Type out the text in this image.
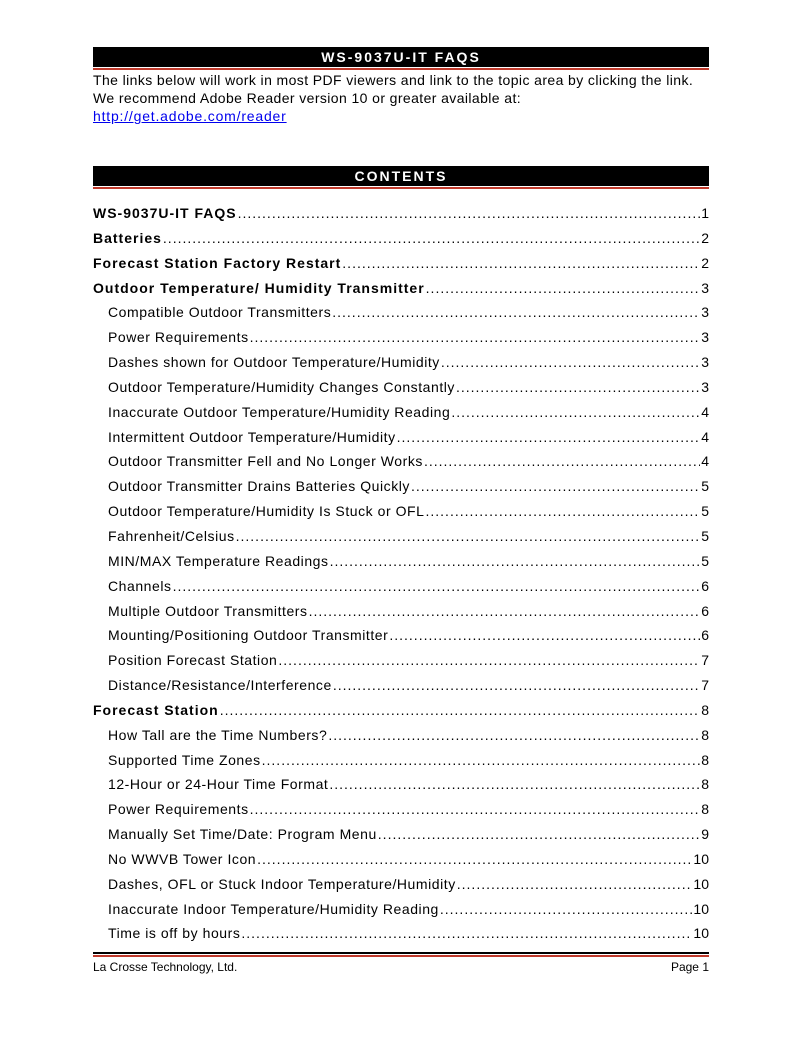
WS-9037U-IT FAQS
The links below will work in most PDF viewers and link to the topic area by clicking the link. We recommend Adobe Reader version 10 or greater available at:
http://get.adobe.com/reader
CONTENTS
WS-9037U-IT FAQS .....	1
Batteries .....	2
Forecast Station Factory Restart .....	2
Outdoor Temperature/ Humidity Transmitter .....	3
Compatible Outdoor Transmitters .....	3
Power Requirements .....	3
Dashes shown for Outdoor Temperature/Humidity .....	3
Outdoor Temperature/Humidity Changes Constantly .....	3
Inaccurate Outdoor Temperature/Humidity Reading .....	4
Intermittent Outdoor Temperature/Humidity .....	4
Outdoor Transmitter Fell and No Longer Works .....	4
Outdoor Transmitter Drains Batteries Quickly .....	5
Outdoor Temperature/Humidity Is Stuck or OFL .....	5
Fahrenheit/Celsius .....	5
MIN/MAX Temperature Readings .....	5
Channels .....	6
Multiple Outdoor Transmitters .....	6
Mounting/Positioning Outdoor Transmitter .....	6
Position Forecast Station .....	7
Distance/Resistance/Interference .....	7
Forecast Station .....	8
How Tall are the Time Numbers? .....	8
Supported Time Zones .....	8
12-Hour or 24-Hour Time Format .....	8
Power Requirements .....	8
Manually Set Time/Date: Program Menu .....	9
No WWVB Tower Icon .....	10
Dashes, OFL or Stuck Indoor Temperature/Humidity .....	10
Inaccurate Indoor Temperature/Humidity Reading .....	10
Time is off by hours .....	10
La Crosse Technology, Ltd.	Page 1
